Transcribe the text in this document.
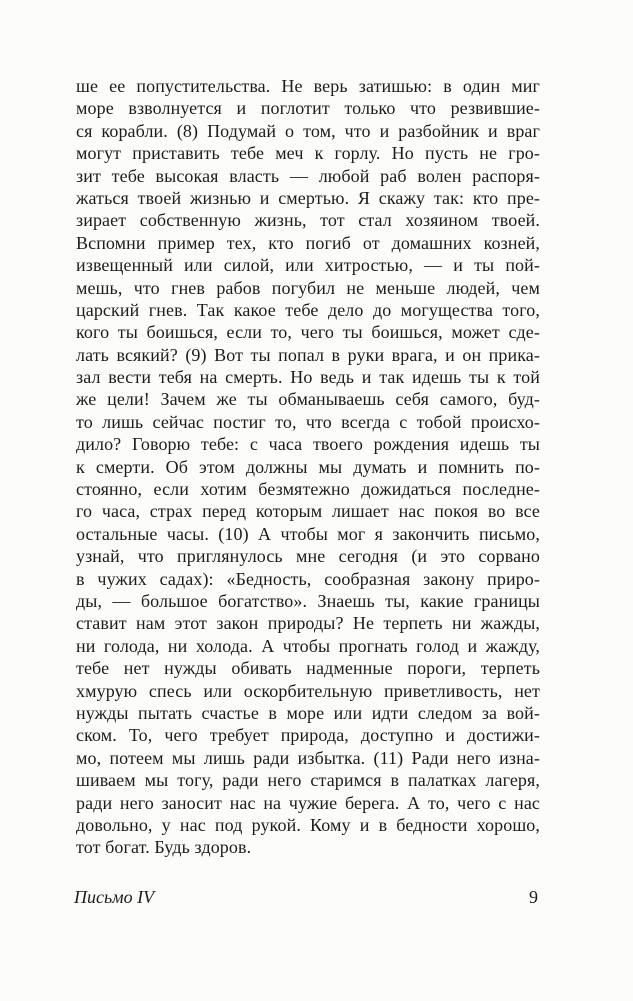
ше ее попустительства. Не верь затишью: в один миг
море взволнуется и поглотит только что резвившие-
ся корабли. (8) Подумай о том, что и разбойник и враг
могут приставить тебе меч к горлу. Но пусть не гро-
зит тебе высокая власть — любой раб волен распоря-
жаться твоей жизнью и смертью. Я скажу так: кто пре-
зирает собственную жизнь, тот стал хозяином твоей.
Вспомни пример тех, кто погиб от домашних козней,
извещенный или силой, или хитростью, — и ты пой-
мешь, что гнев рабов погубил не меньше людей, чем
царский гнев. Так какое тебе дело до могущества того,
кого ты боишься, если то, чего ты боишься, может сде-
лать всякий? (9) Вот ты попал в руки врага, и он прика-
зал вести тебя на смерть. Но ведь и так идешь ты к той
же цели! Зачем же ты обманываешь себя самого, буд-
то лишь сейчас постиг то, что всегда с тобой происхо-
дило? Говорю тебе: с часа твоего рождения идешь ты
к смерти. Об этом должны мы думать и помнить по-
стоянно, если хотим безмятежно дожидаться последне-
го часа, страх перед которым лишает нас покоя во все
остальные часы. (10) А чтобы мог я закончить письмо,
узнай, что приглянулось мне сегодня (и это сорвано
в чужих садах): «Бедность, сообразная закону приро-
ды, — большое богатство». Знаешь ты, какие границы
ставит нам этот закон природы? Не терпеть ни жажды,
ни голода, ни холода. А чтобы прогнать голод и жажду,
тебе нет нужды обивать надменные пороги, терпеть
хмурую спесь или оскорбительную приветливость, нет
нужды пытать счастье в море или идти следом за вой-
ском. То, чего требует природа, доступно и достижи-
мо, потеем мы лишь ради избытка. (11) Ради него изна-
шиваем мы тогу, ради него старимся в палатках лагеря,
ради него заносит нас на чужие берега. А то, чего с нас
довольно, у нас под рукой. Кому и в бедности хорошо,
тот богат. Будь здоров.
Письмо IV	9
